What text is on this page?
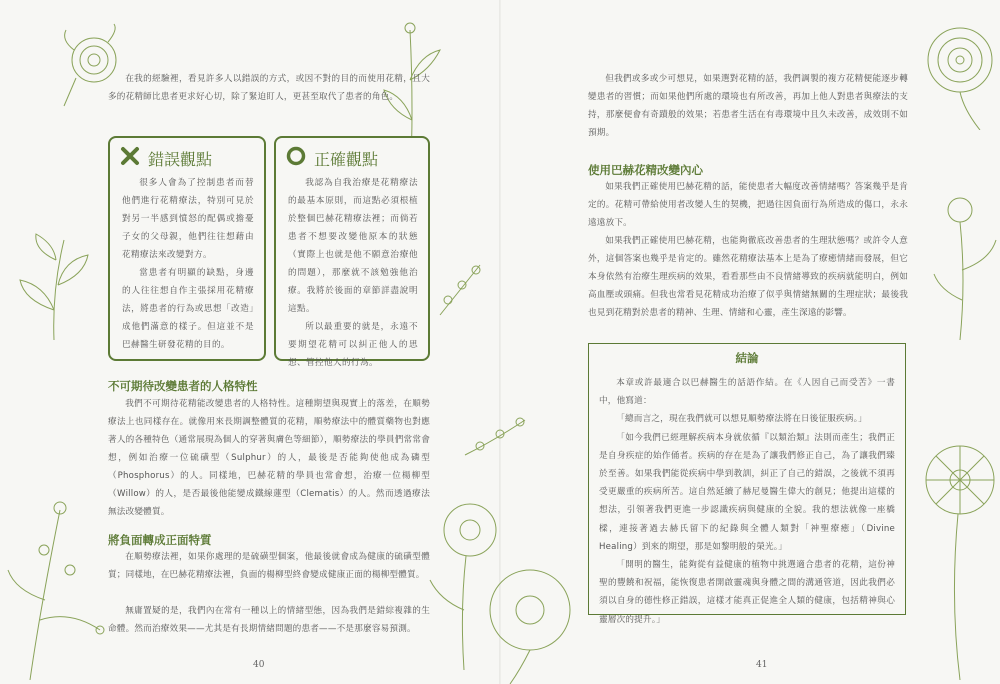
在我的經驗裡，看見許多人以錯誤的方式，或因不對的目的而使用花精，且大多的花精師比患者更求好心切，除了緊迫盯人，更甚至取代了患者的角色。

錯誤觀點

很多人會為了控制患者而替他們進行花精療法，特別可見於對另一半感到憤怒的配偶或擔憂子女的父母親，他們往往想藉由花精療法來改變對方。

當患者有明顯的缺點，身邊的人往往想自作主張採用花精療法，將患者的行為或思想「改造」成他們滿意的樣子。但這並不是巴赫醫生研發花精的目的。

正確觀點

我認為自我治療是花精療法的最基本原則，而這點必須根植於整個巴赫花精療法裡；而倘若患者不想要改變他原本的狀態（實際上也就是他不願意治療他的問題），那麼就不該勉強他治療。我將於後面的章節詳盡說明這點。

所以最重要的就是，永遠不要期望花精可以糾正他人的思想、管控他人的行為。

不可期待改變患者的人格特性

我們不可期待花精能改變患者的人格特性。這種期望與現實上的落差，在順勢療法上也同樣存在。就像用來長期調整體質的花精，順勢療法中的體質藥物也對應著人的各種特色（通常展現為個人的穿著與膚色等細節），順勢療法的學員們常常會想，例如治療一位硫磺型（Sulphur）的人，最後是否能夠使他成為磷型（Phosphorus）的人。同樣地，巴赫花精的學員也常會想，治療一位楊柳型（Willow）的人，是否最後他能變成鐵線蓮型（Clematis）的人。然而透過療法無法改變體質。

將負面轉成正面特質

在順勢療法裡，如果你處理的是硫磺型個案，他最後就會成為健康的硫磺型體質；同樣地，在巴赫花精療法裡，負面的楊柳型終會變成健康正面的楊柳型體質。

無庸置疑的是，我們內在常有一種以上的情緒型態，因為我們是錯綜複雜的生命體。然而治療效果——尤其是有長期情緒問題的患者——不是那麼容易預測。

40

但我們或多或少可想見，如果選對花精的話，我們調製的複方花精便能逐步轉變患者的習慣；而如果他們所處的環境也有所改善，再加上他人對患者與療法的支持，那麼便會有奇蹟般的效果；若患者生活在有毒環境中且久未改善，成效則不如預期。

使用巴赫花精改變內心

如果我們正確使用巴赫花精的話，能使患者大幅度改善情緒嗎？答案幾乎是肯定的。花精可帶給使用者改變人生的契機，把過往因負面行為所造成的傷口，永永遠遠放下。

如果我們正確使用巴赫花精，也能夠徹底改善患者的生理狀態嗎？或許令人意外，這個答案也幾乎是肯定的。雖然花精療法基本上是為了療癒情緒而發展，但它本身依然有治療生理疾病的效果，看看那些由不良情緒導致的疾病就能明白，例如高血壓或頭痛。但我也常看見花精成功治療了似乎與情緒無關的生理症狀；最後我也見到花精對於患者的精神、生理、情緒和心靈，產生深遠的影響。

41
結論

本章或許最適合以巴赫醫生的話語作結。在《人因自己而受苦》一書中，他寫道：

「總而言之，現在我們就可以想見順勢療法將在日後征服疾病。」

「如今我們已經理解疾病本身就依循『以類治類』法則而產生；我們正是自身疾症的始作俑者。疾病的存在是為了讓我們修正自己，為了讓我們臻於至善。如果我們能從疾病中學到教訓，糾正了自己的錯誤，之後就不須再受更嚴重的疾病所苦。這自然延續了赫尼曼醫生偉大的創見；他提出這樣的想法，引領著我們更進一步認識疾病與健康的全貌。我的想法就像一座橋樑，連接著過去赫氏留下的紀錄與全體人類對「神聖療癒」（Divine Healing）到來的期望，那是如黎明般的榮光。」

「開明的醫生，能夠從有益健康的植物中挑選適合患者的花精，這份神聖的豐饒和祝福，能恢復患者開啟靈魂與身體之間的溝通管道，因此我們必須以自身的德性修正錯誤，這樣才能真正促進全人類的健康，包括精神與心靈層次的提升。」
